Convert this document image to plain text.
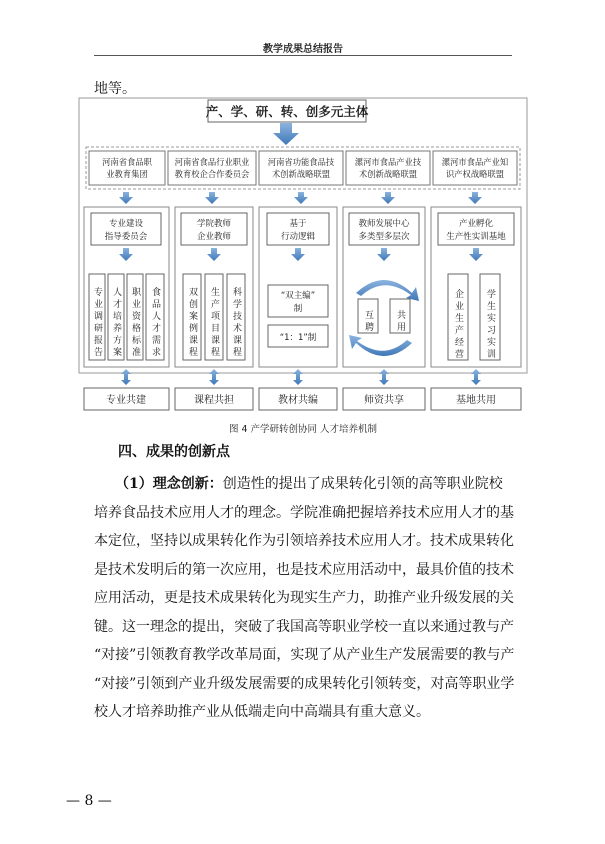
教学成果总结报告
地等。
产、学、研、转、创多元主体
河南省食品职
业教育集团
河南省食品行业职业
教育校企合作委员会
河南省功能食品技
术创新战略联盟
漯河市食品产业技
术创新战略联盟
漯河市食品产业知
识产权战略联盟
专业建设
指导委员会
专业调研报告 人才培养方案 职业资格标准 食品人才需求
学院教师
企业教师
双创案例课程 生产项目课程 科学技术课程
基于
行动逻辑
“双主编”
制
“1：1”制
教师发展中心
多类型多层次
互聘 共用
产业孵化
生产性实训基地
企业生产经营 学生实习实训
专业共建	课程共担	教材共编	师资共享	基地共用
图 4 产学研转创协同 人才培养机制
四、成果的创新点
　　（1）理念创新：创造性的提出了成果转化引领的高等职业院校
培养食品技术应用人才的理念。学院准确把握培养技术应用人才的基
本定位，坚持以成果转化作为引领培养技术应用人才。技术成果转化
是技术发明后的第一次应用，也是技术应用活动中，最具价值的技术
应用活动，更是技术成果转化为现实生产力，助推产业升级发展的关
键。这一理念的提出，突破了我国高等职业学校一直以来通过教与产
“对接”引领教育教学改革局面，实现了从产业生产发展需要的教与产
“对接”引领到产业升级发展需要的成果转化引领转变，对高等职业学
校人才培养助推产业从低端走向中高端具有重大意义。
— 8 —
